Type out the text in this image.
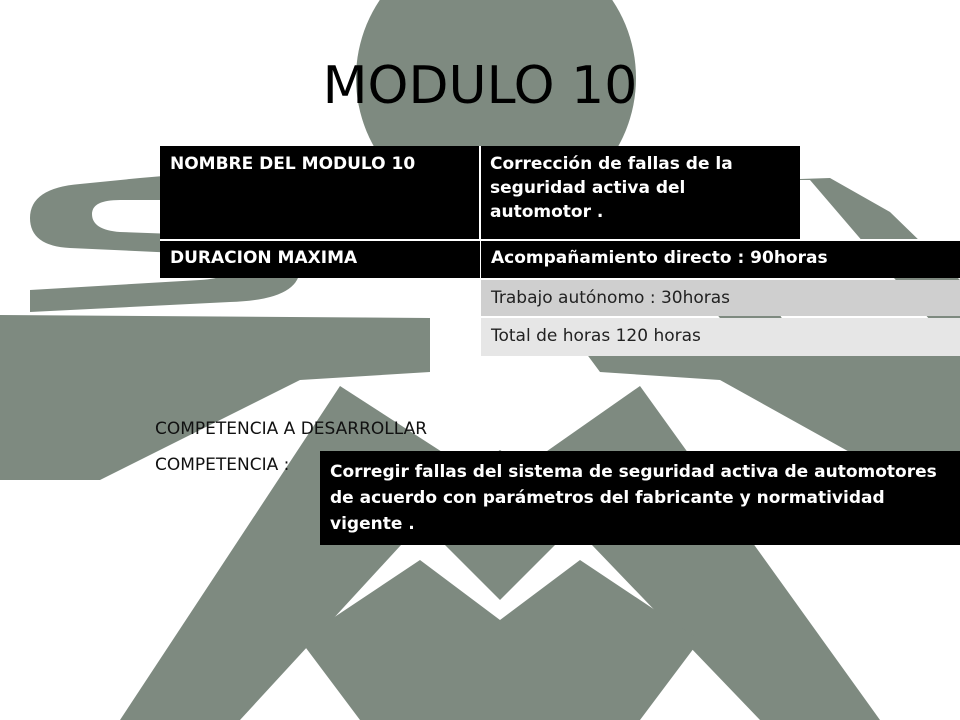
MODULO 10
NOMBRE DEL MODULO 10	Corrección de fallas de la seguridad activa del automotor .
DURACION MAXIMA	Acompañamiento directo : 90horas
Trabajo autónomo : 30horas
Total de horas 120 horas
COMPETENCIA A DESARROLLAR
COMPETENCIA :	Corregir fallas del sistema de seguridad activa de automotores de acuerdo con parámetros del fabricante y normatividad vigente .
